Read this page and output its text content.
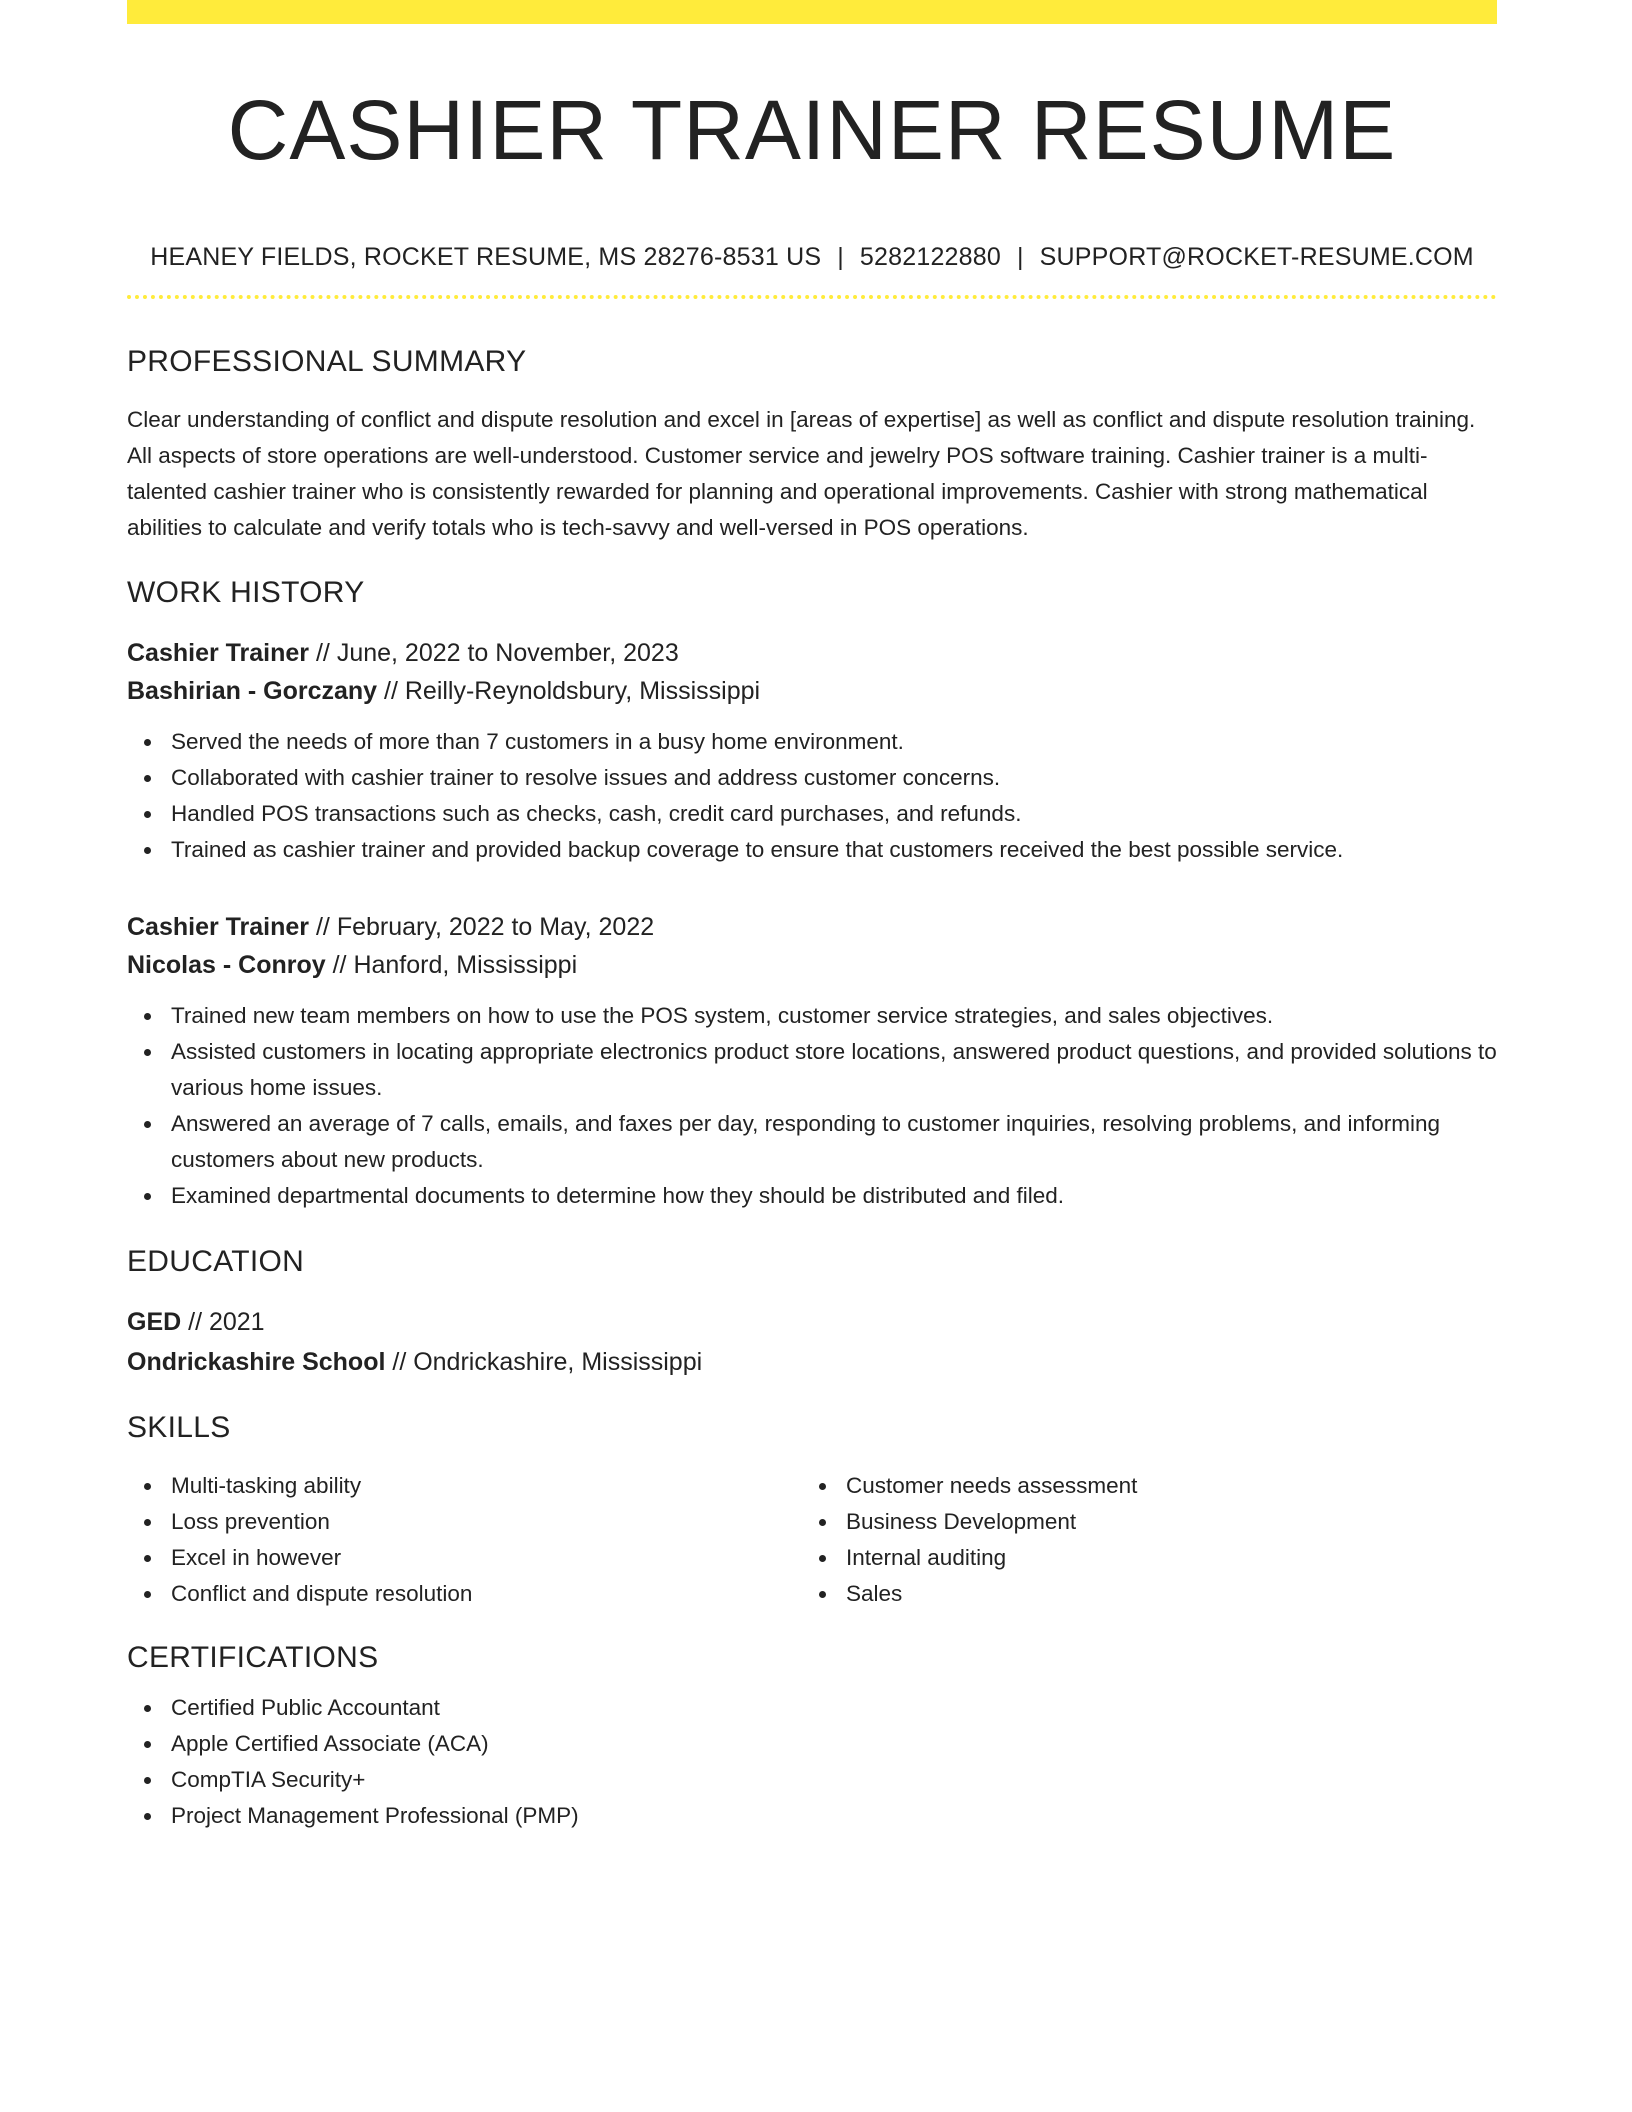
CASHIER TRAINER RESUME
HEANEY FIELDS, ROCKET RESUME, MS 28276-8531 US | 5282122880 | SUPPORT@ROCKET-RESUME.COM
PROFESSIONAL SUMMARY

Clear understanding of conflict and dispute resolution and excel in [areas of expertise] as well as conflict and dispute resolution training. All aspects of store operations are well-understood. Customer service and jewelry POS software training. Cashier trainer is a multi-talented cashier trainer who is consistently rewarded for planning and operational improvements. Cashier with strong mathematical abilities to calculate and verify totals who is tech-savvy and well-versed in POS operations.

WORK HISTORY
Cashier Trainer // June, 2022 to November, 2023
Bashirian - Gorczany // Reilly-Reynoldsbury, Mississippi
Served the needs of more than 7 customers in a busy home environment.
Collaborated with cashier trainer to resolve issues and address customer concerns.
Handled POS transactions such as checks, cash, credit card purchases, and refunds.
Trained as cashier trainer and provided backup coverage to ensure that customers received the best possible service.
Cashier Trainer // February, 2022 to May, 2022
Nicolas - Conroy // Hanford, Mississippi
Trained new team members on how to use the POS system, customer service strategies, and sales objectives.
Assisted customers in locating appropriate electronics product store locations, answered product questions, and provided solutions to various home issues.
Answered an average of 7 calls, emails, and faxes per day, responding to customer inquiries, resolving problems, and informing customers about new products.
Examined departmental documents to determine how they should be distributed and filed.
EDUCATION
GED // 2021
Ondrickashire School // Ondrickashire, Mississippi
SKILLS
Multi-tasking ability
Loss prevention
Excel in however
Conflict and dispute resolution
Customer needs assessment
Business Development
Internal auditing
Sales
CERTIFICATIONS
Certified Public Accountant
Apple Certified Associate (ACA)
CompTIA Security+
Project Management Professional (PMP)
